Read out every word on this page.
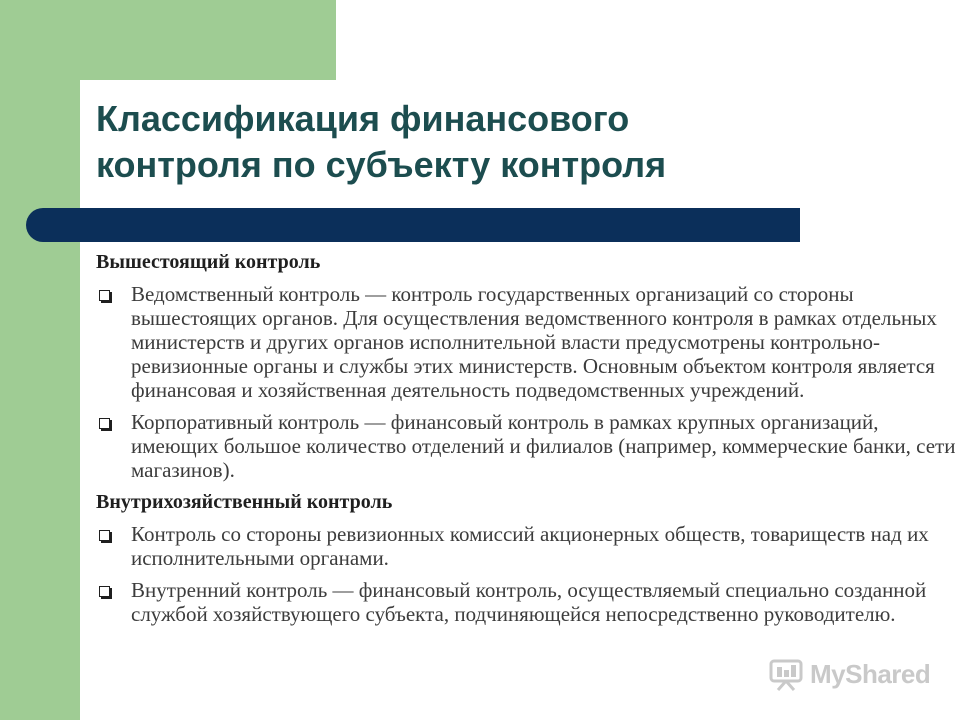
Классификация финансового
контроля по субъекту контроля
Вышестоящий контроль
Ведомственный контроль — контроль государственных организаций со стороны вышестоящих органов. Для осуществления ведомственного контроля в рамках отдельных министерств и других органов исполнительной власти предусмотрены контрольно-ревизионные органы и службы этих министерств. Основным объектом контроля является финансовая и хозяйственная деятельность подведомственных учреждений.
Корпоративный контроль — финансовый контроль в рамках крупных организаций, имеющих большое количество отделений и филиалов (например, коммерческие банки, сети магазинов).
Внутрихозяйственный контроль
Контроль со стороны ревизионных комиссий акционерных обществ, товариществ над их исполнительными органами.
Внутренний контроль — финансовый контроль, осуществляемый специально созданной службой хозяйствующего субъекта, подчиняющейся непосредственно руководителю.
MyShared
